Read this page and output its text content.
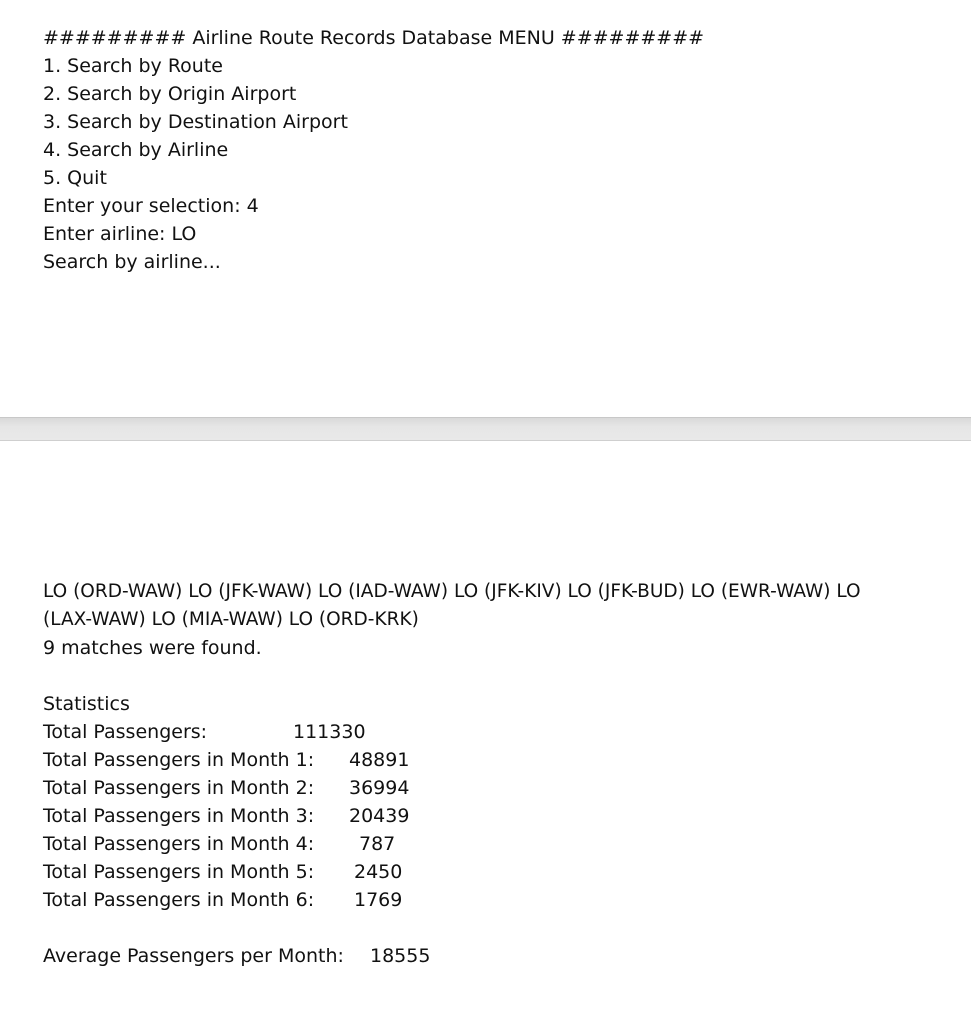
######### Airline Route Records Database MENU #########
1. Search by Route
2. Search by Origin Airport
3. Search by Destination Airport
4. Search by Airline
5. Quit
Enter your selection: 4
Enter airline: LO
Search by airline...
LO (ORD-WAW) LO (JFK-WAW) LO (IAD-WAW) LO (JFK-KIV) LO (JFK-BUD) LO (EWR-WAW) LO
(LAX-WAW) LO (MIA-WAW) LO (ORD-KRK)
9 matches were found.
Statistics
Total Passengers:	111330
Total Passengers in Month 1: 48891
Total Passengers in Month 2: 36994
Total Passengers in Month 3: 20439
Total Passengers in Month 4: 787
Total Passengers in Month 5: 2450
Total Passengers in Month 6: 1769
Average Passengers per Month: 18555
